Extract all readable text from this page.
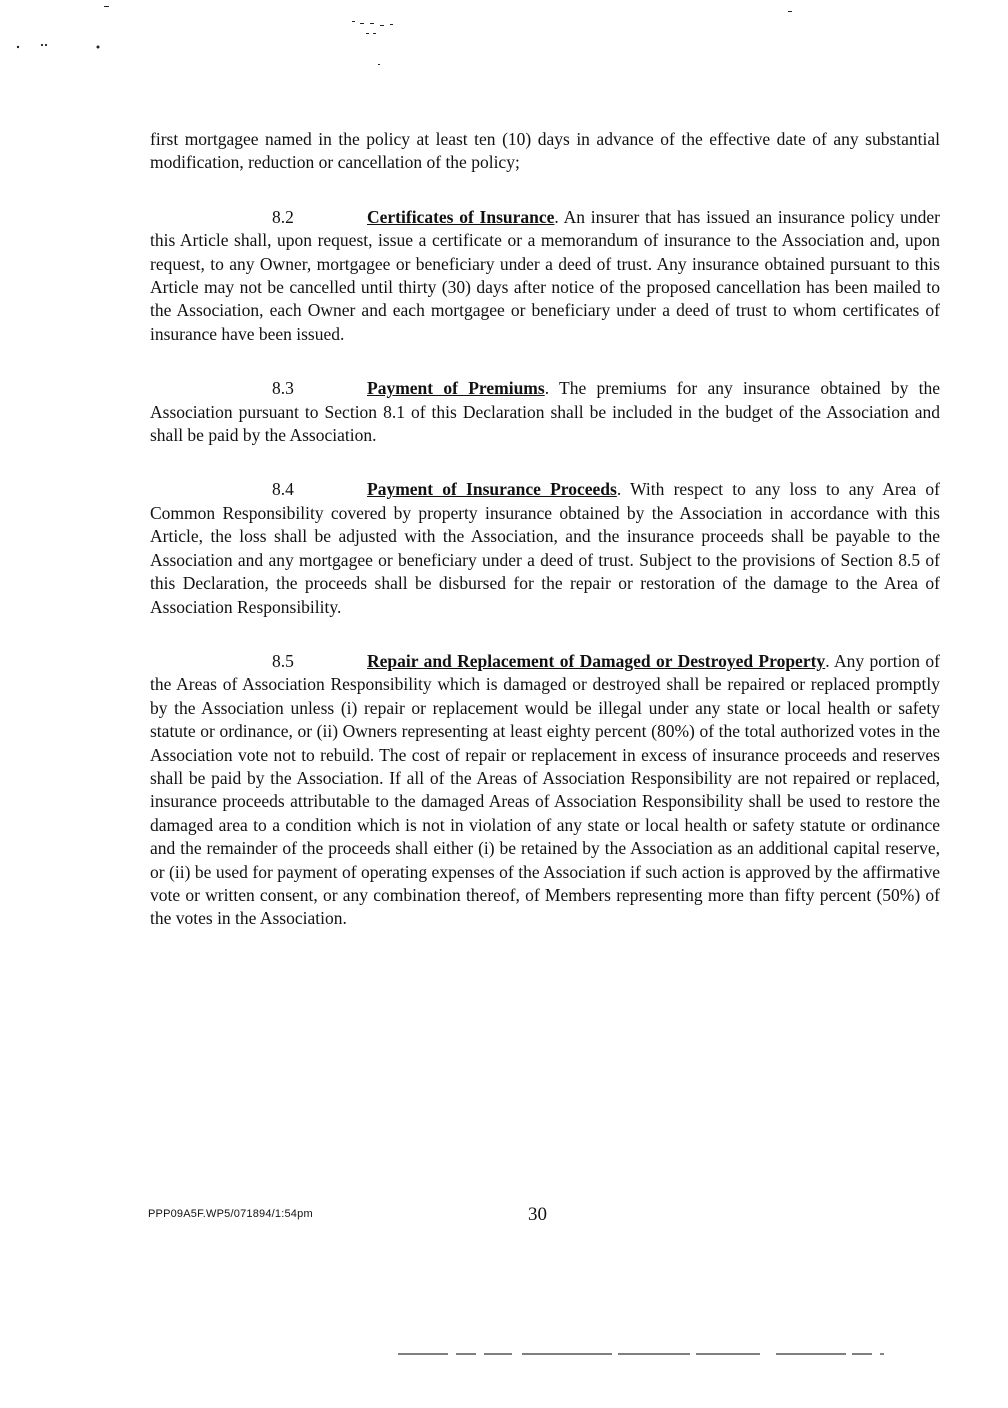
first mortgagee named in the policy at least ten (10) days in advance of the effective date of any substantial modification, reduction or cancellation of the policy;

8.2	Certificates of Insurance. An insurer that has issued an insurance policy under this Article shall, upon request, issue a certificate or a memorandum of insurance to the Association and, upon request, to any Owner, mortgagee or beneficiary under a deed of trust. Any insurance obtained pursuant to this Article may not be cancelled until thirty (30) days after notice of the proposed cancellation has been mailed to the Association, each Owner and each mortgagee or beneficiary under a deed of trust to whom certificates of insurance have been issued.

8.3	Payment of Premiums. The premiums for any insurance obtained by the Association pursuant to Section 8.1 of this Declaration shall be included in the budget of the Association and shall be paid by the Association.

8.4	Payment of Insurance Proceeds. With respect to any loss to any Area of Common Responsibility covered by property insurance obtained by the Association in accordance with this Article, the loss shall be adjusted with the Association, and the insurance proceeds shall be payable to the Association and any mortgagee or beneficiary under a deed of trust. Subject to the provisions of Section 8.5 of this Declaration, the proceeds shall be disbursed for the repair or restoration of the damage to the Area of Association Responsibility.

8.5	Repair and Replacement of Damaged or Destroyed Property. Any portion of the Areas of Association Responsibility which is damaged or destroyed shall be repaired or replaced promptly by the Association unless (i) repair or replacement would be illegal under any state or local health or safety statute or ordinance, or (ii) Owners representing at least eighty percent (80%) of the total authorized votes in the Association vote not to rebuild. The cost of repair or replacement in excess of insurance proceeds and reserves shall be paid by the Association. If all of the Areas of Association Responsibility are not repaired or replaced, insurance proceeds attributable to the damaged Areas of Association Responsibility shall be used to restore the damaged area to a condition which is not in violation of any state or local health or safety statute or ordinance and the remainder of the proceeds shall either (i) be retained by the Association as an additional capital reserve, or (ii) be used for payment of operating expenses of the Association if such action is approved by the affirmative vote or written consent, or any combination thereof, of Members representing more than fifty percent (50%) of the votes in the Association.

PPP09A5F.WP5/071894/1:54pm	30
